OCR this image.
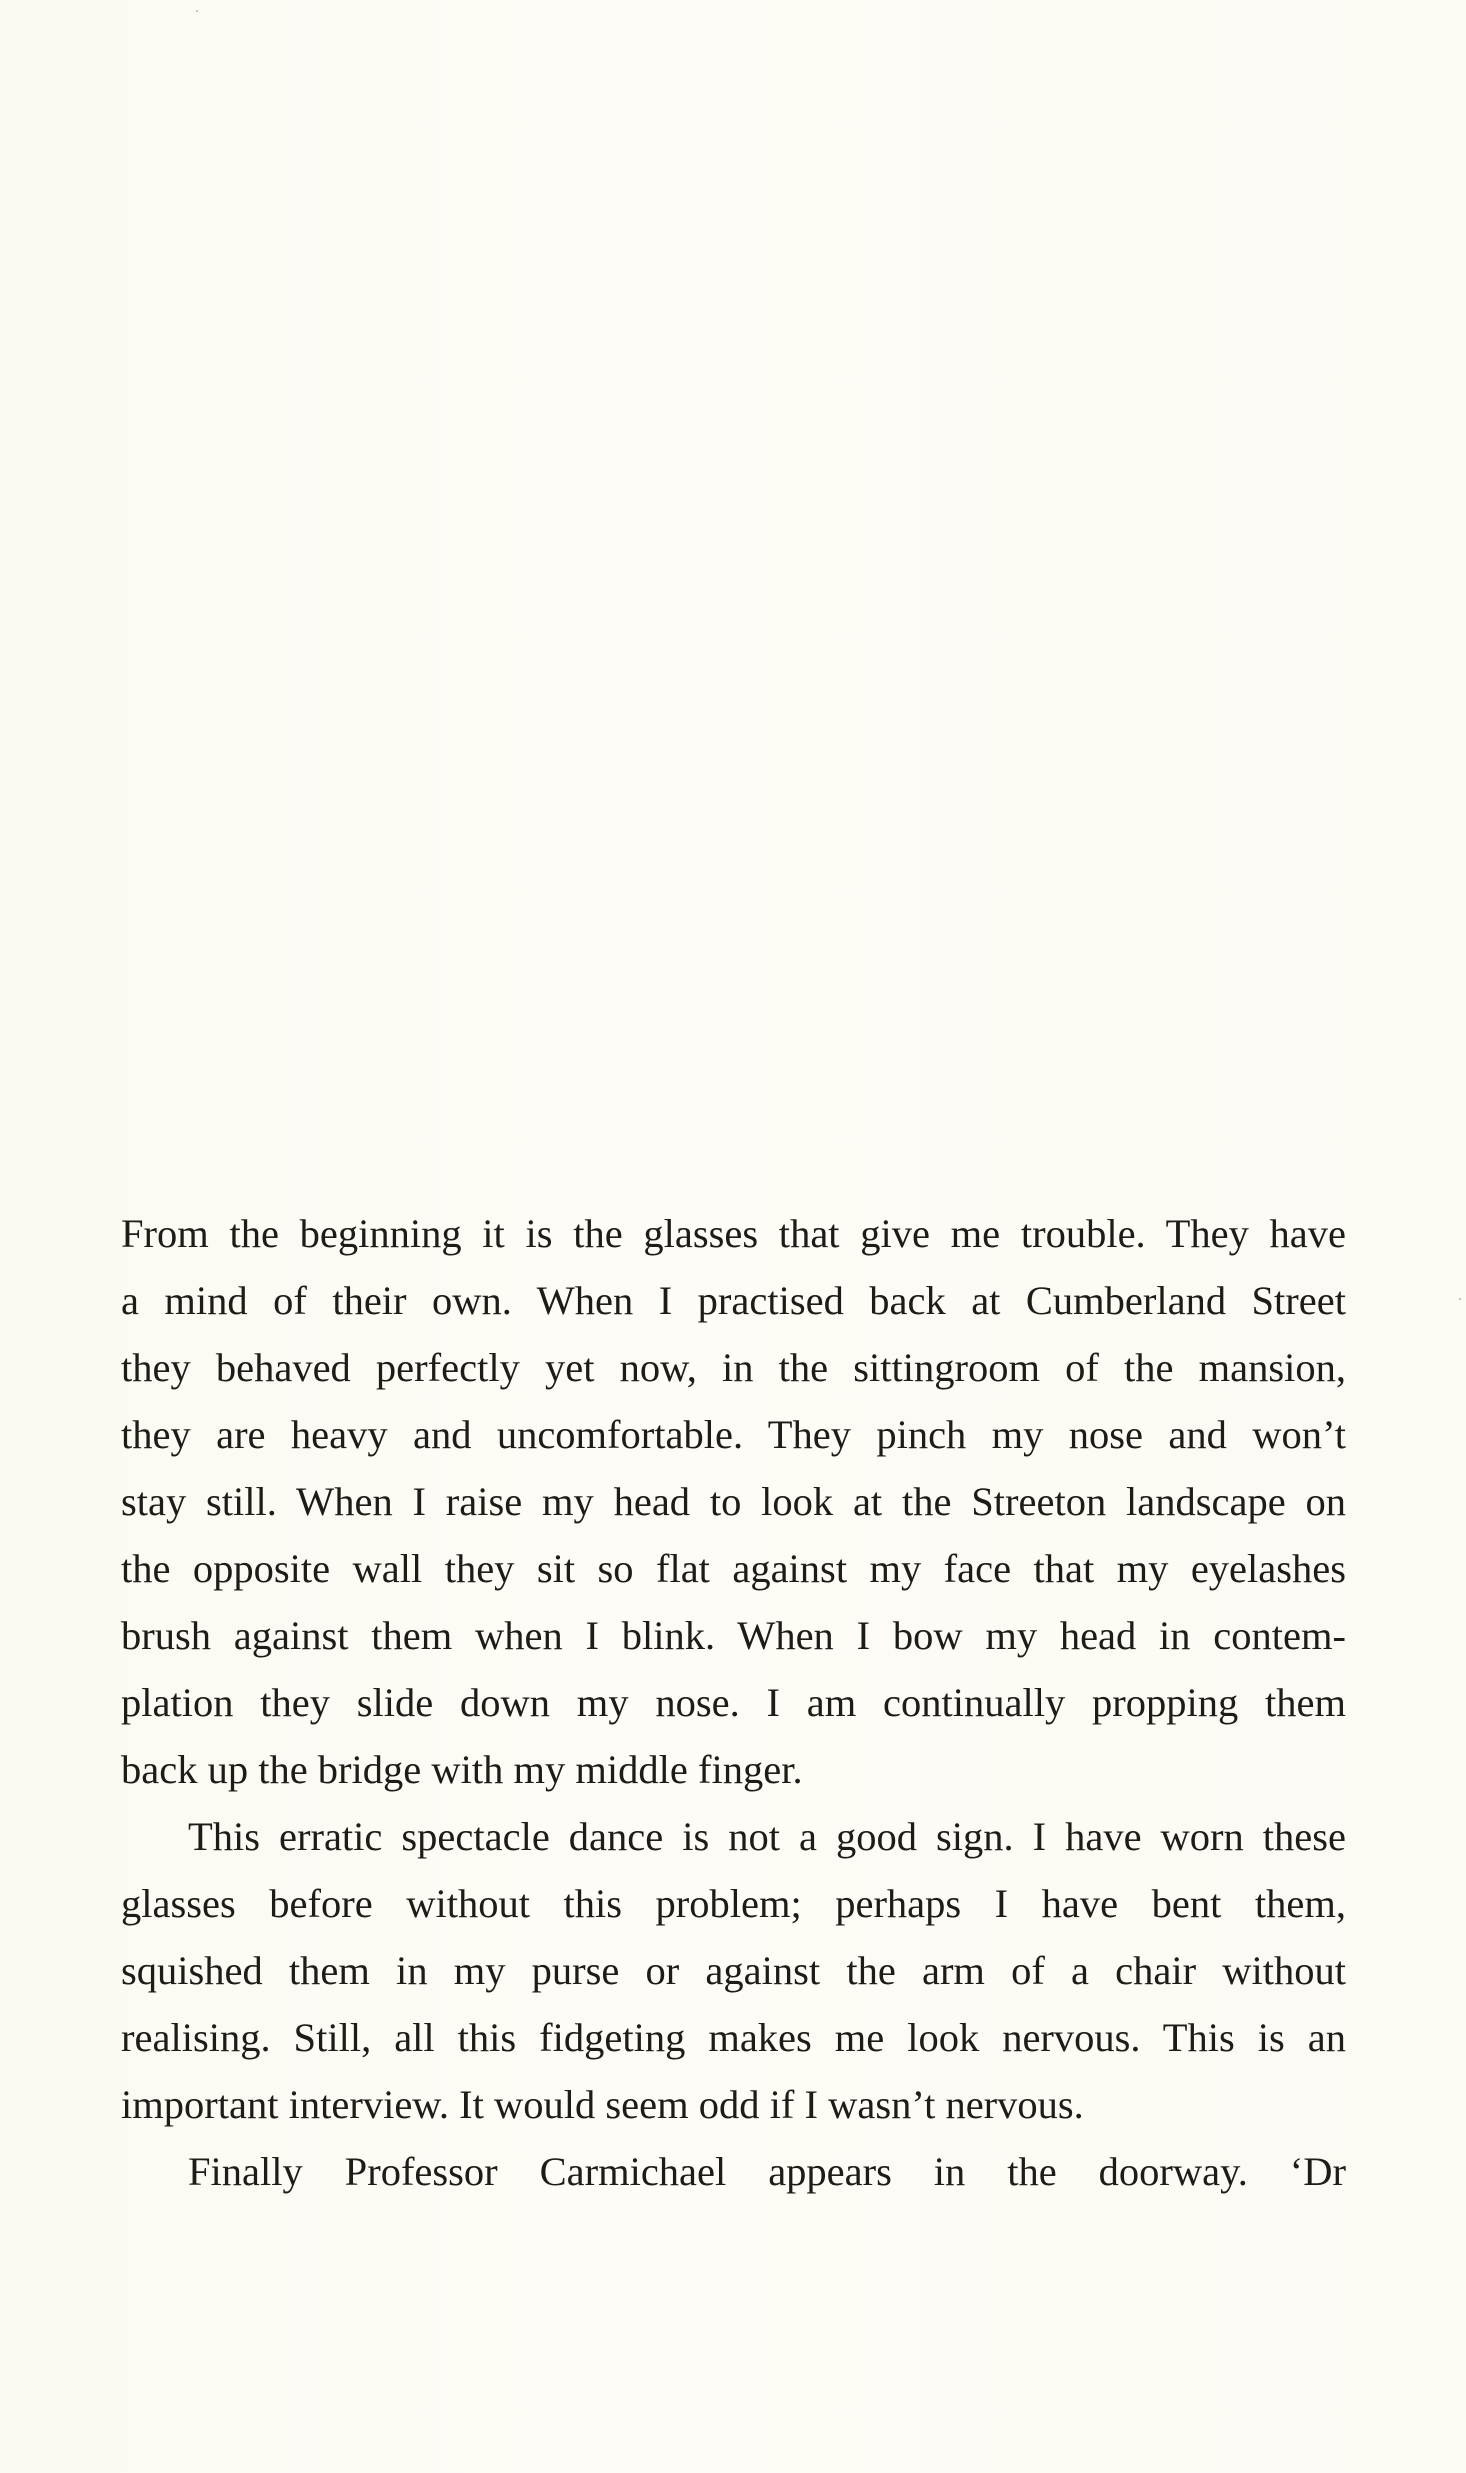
From the beginning it is the glasses that give me trouble. They have
a mind of their own. When I practised back at Cumberland Street
they behaved perfectly yet now, in the sittingroom of the mansion,
they are heavy and uncomfortable. They pinch my nose and won’t
stay still. When I raise my head to look at the Streeton landscape on
the opposite wall they sit so flat against my face that my eyelashes
brush against them when I blink. When I bow my head in contem-
plation they slide down my nose. I am continually propping them
back up the bridge with my middle finger.
This erratic spectacle dance is not a good sign. I have worn these
glasses before without this problem; perhaps I have bent them,
squished them in my purse or against the arm of a chair without
realising. Still, all this fidgeting makes me look nervous. This is an
important interview. It would seem odd if I wasn’t nervous.
Finally Professor Carmichael appears in the doorway. ‘Dr
